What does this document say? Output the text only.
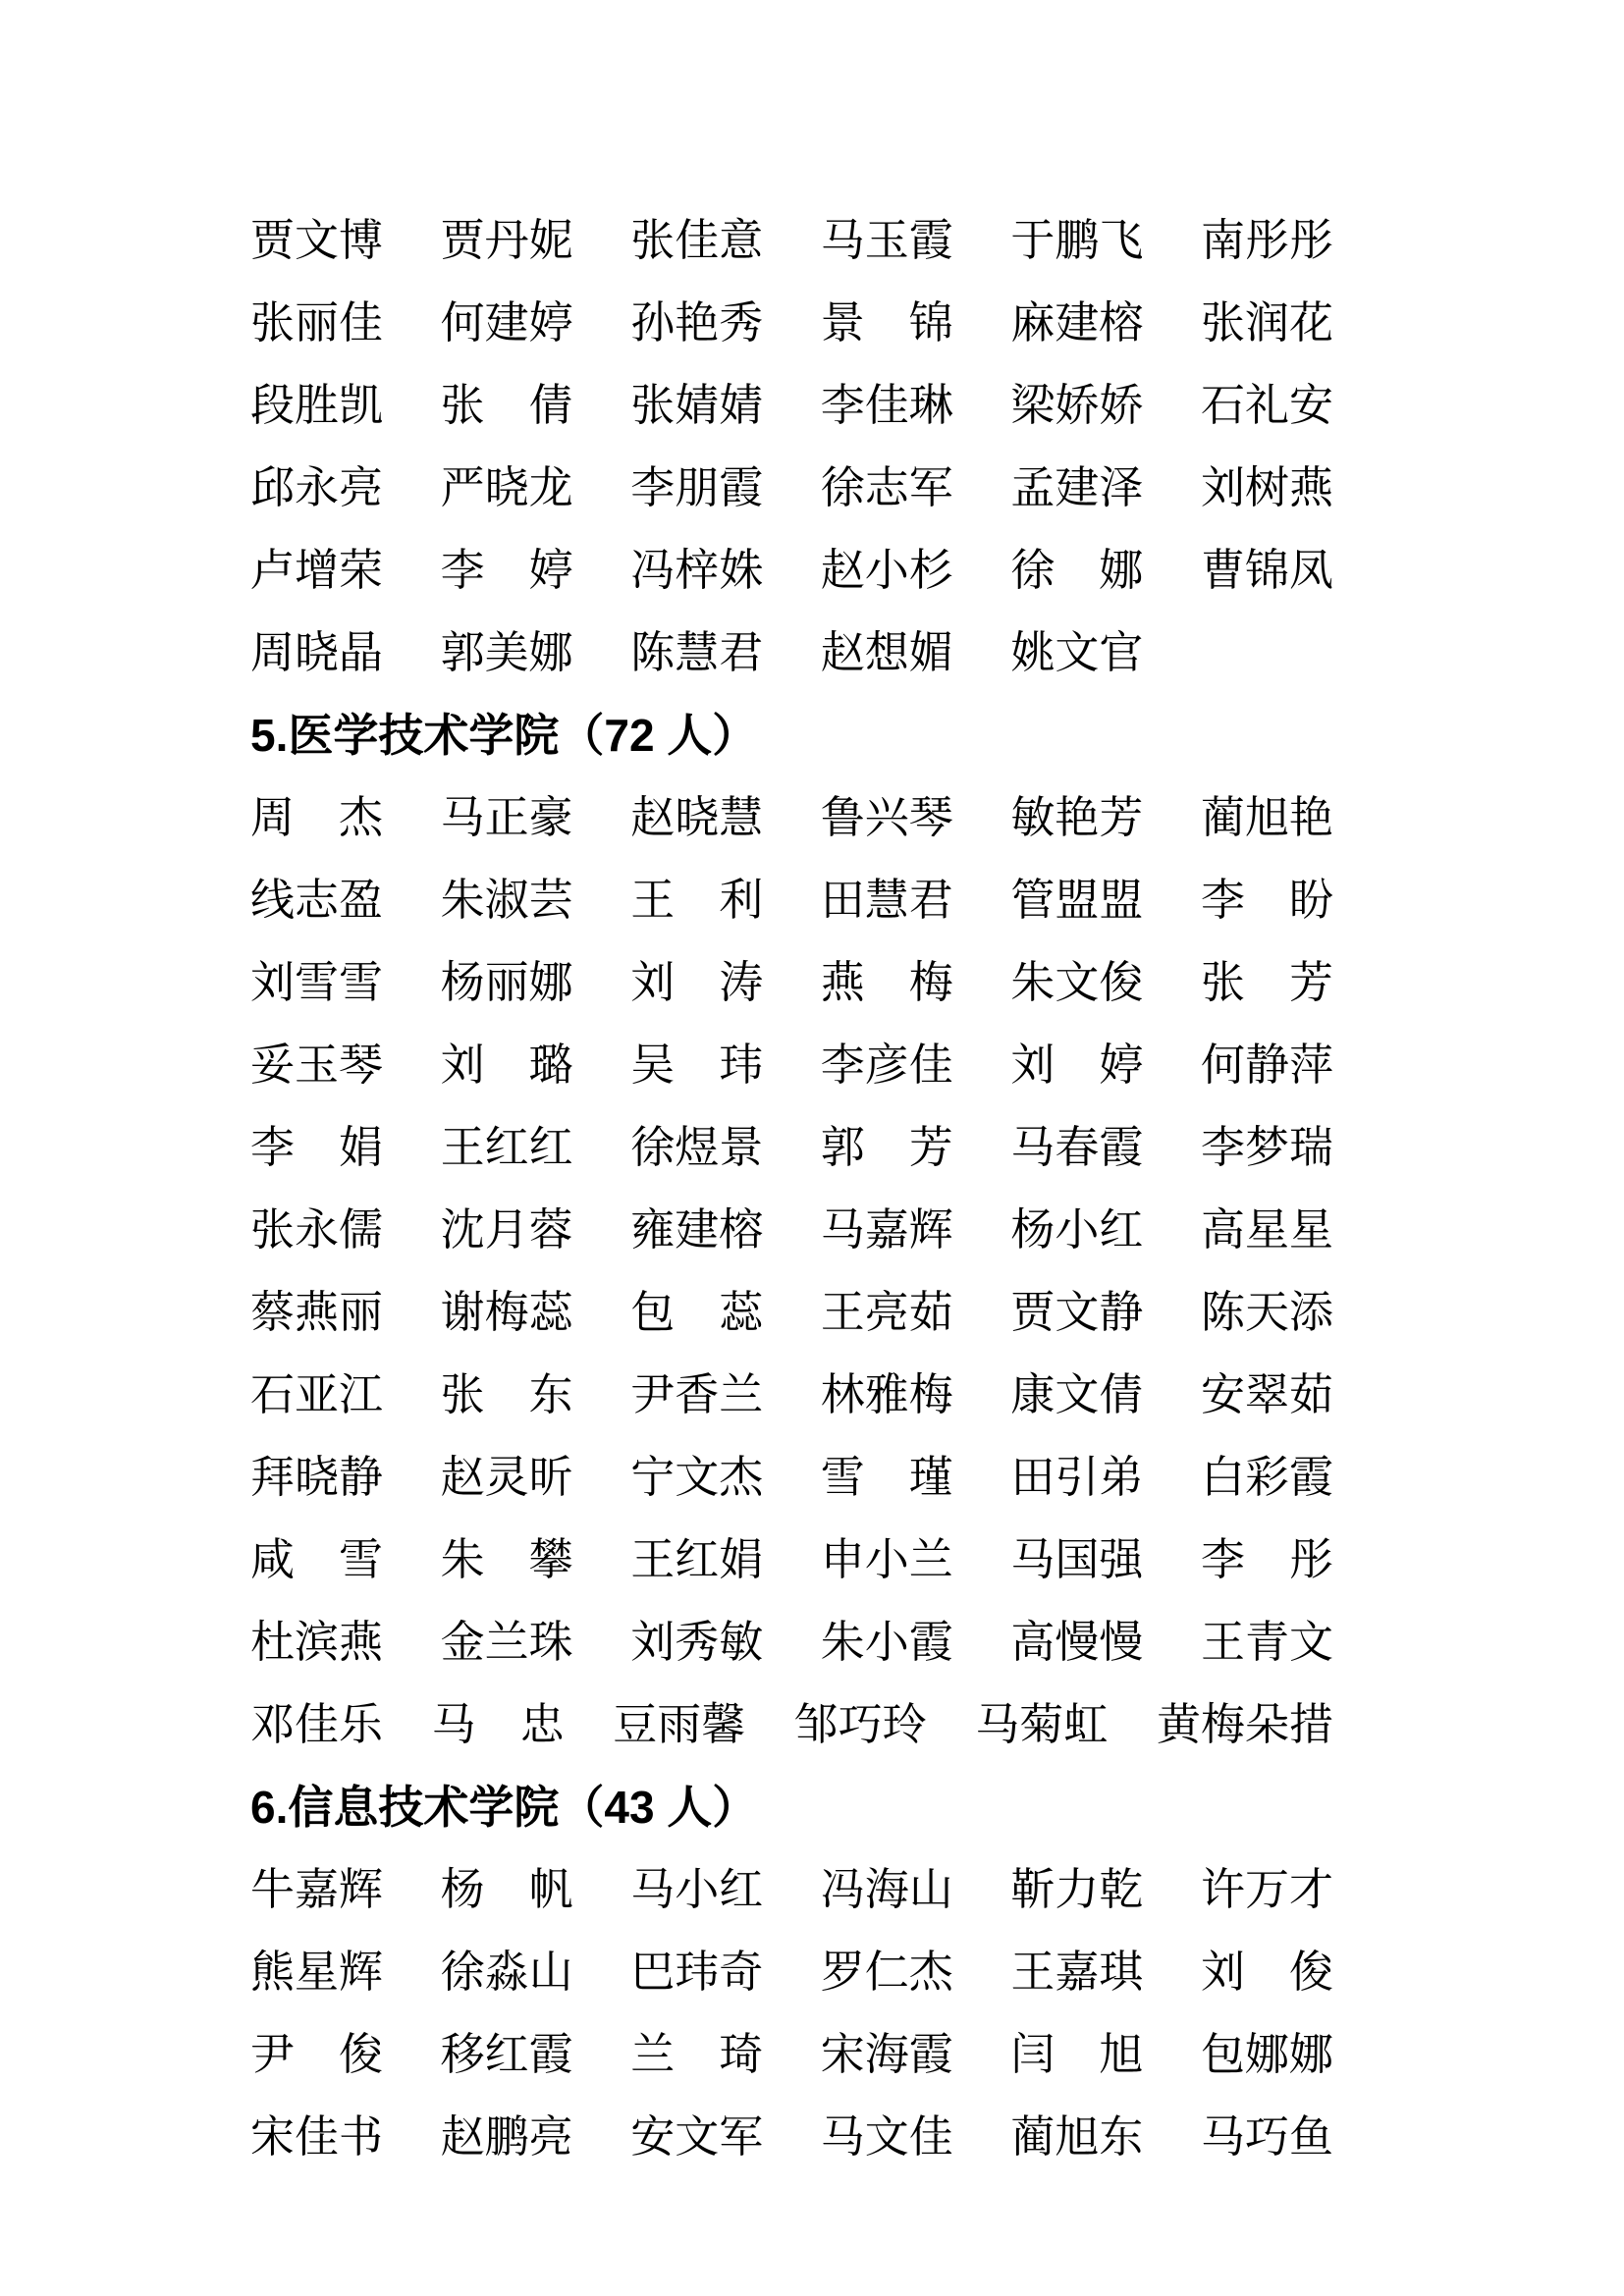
贾文博 贾丹妮 张佳意 马玉霞 于鹏飞 南彤彤
张丽佳 何建婷 孙艳秀 景　锦 麻建榕 张润花
段胜凯 张　倩 张婧婧 李佳琳 梁娇娇 石礼安
邱永亮 严晓龙 李朋霞 徐志军 孟建泽 刘树燕
卢增荣 李　婷 冯梓姝 赵小杉 徐　娜 曹锦凤
周晓晶 郭美娜 陈慧君 赵想媚 姚文官
5.医学技术学院（72 人）
周　杰 马正豪 赵晓慧 鲁兴琴 敏艳芳 蔺旭艳
线志盈 朱淑芸 王　利 田慧君 管盟盟 李　盼
刘雪雪 杨丽娜 刘　涛 燕　梅 朱文俊 张　芳
妥玉琴 刘　璐 吴　玮 李彦佳 刘　婷 何静萍
李　娟 王红红 徐煜景 郭　芳 马春霞 李梦瑞
张永儒 沈月蓉 雍建榕 马嘉辉 杨小红 高星星
蔡燕丽 谢梅蕊 包　蕊 王亮茹 贾文静 陈天添
石亚江 张　东 尹香兰 林雅梅 康文倩 安翠茹
拜晓静 赵灵昕 宁文杰 雪　瑾 田引弟 白彩霞
咸　雪 朱　攀 王红娟 申小兰 马国强 李　彤
杜滨燕 金兰珠 刘秀敏 朱小霞 高慢慢 王青文
邓佳乐 马　忠 豆雨馨 邹巧玲 马菊虹 黄梅朵措
6.信息技术学院（43 人）
牛嘉辉 杨　帆 马小红 冯海山 靳力乾 许万才
熊星辉 徐淼山 巴玮奇 罗仁杰 王嘉琪 刘　俊
尹　俊 移红霞 兰　琦 宋海霞 闫　旭 包娜娜
宋佳书 赵鹏亮 安文军 马文佳 蔺旭东 马巧鱼
